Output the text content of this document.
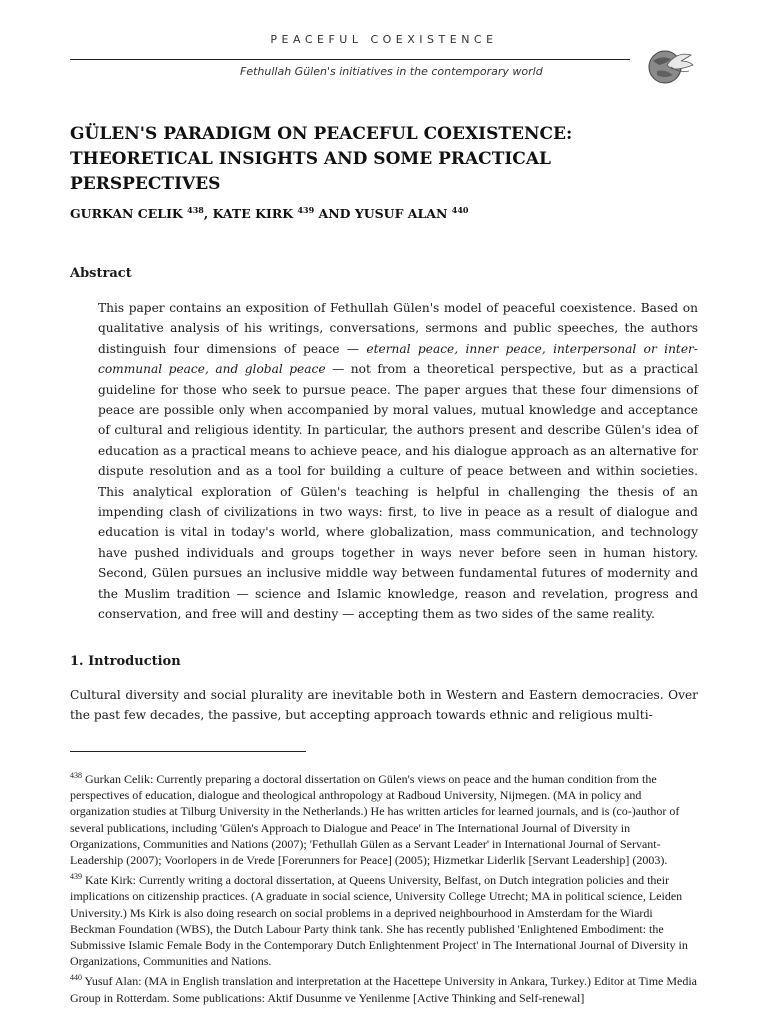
PEACEFUL COEXISTENCE
Fethullah Gülen's initiatives in the contemporary world
GÜLEN'S PARADIGM ON PEACEFUL COEXISTENCE: THEORETICAL INSIGHTS AND SOME PRACTICAL PERSPECTIVES
GURKAN CELIK $^{438}$, KATE KIRK $^{439}$ AND YUSUF ALAN $^{440}$
Abstract

This paper contains an exposition of Fethullah Gülen's model of peaceful coexistence. Based on qualitative analysis of his writings, conversations, sermons and public speeches, the authors distinguish four dimensions of peace — eternal peace, inner peace, interpersonal or inter-communal peace, and global peace — not from a theoretical perspective, but as a practical guideline for those who seek to pursue peace. The paper argues that these four dimensions of peace are possible only when accompanied by moral values, mutual knowledge and acceptance of cultural and religious identity. In particular, the authors present and describe Gülen's idea of education as a practical means to achieve peace, and his dialogue approach as an alternative for dispute resolution and as a tool for building a culture of peace between and within societies. This analytical exploration of Gülen's teaching is helpful in challenging the thesis of an impending clash of civilizations in two ways: first, to live in peace as a result of dialogue and education is vital in today's world, where globalization, mass communication, and technology have pushed individuals and groups together in ways never before seen in human history. Second, Gülen pursues an inclusive middle way between fundamental futures of modernity and the Muslim tradition — science and Islamic knowledge, reason and revelation, progress and conservation, and free will and destiny — accepting them as two sides of the same reality.

1. Introduction

Cultural diversity and social plurality are inevitable both in Western and Eastern democracies. Over the past few decades, the passive, but accepting approach towards ethnic and religious multi-

$^{438}$ Gurkan Celik: Currently preparing a doctoral dissertation on Gülen's views on peace and the human condition from the perspectives of education, dialogue and theological anthropology at Radboud University, Nijmegen. (MA in policy and organization studies at Tilburg University in the Netherlands.) He has written articles for learned journals, and is (co-)author of several publications, including 'Gülen's Approach to Dialogue and Peace' in The International Journal of Diversity in Organizations, Communities and Nations (2007); 'Fethullah Gülen as a Servant Leader' in International Journal of Servant-Leadership (2007); Voorlopers in de Vrede [Forerunners for Peace] (2005); Hizmetkar Liderlik [Servant Leadership] (2003).

$^{439}$ Kate Kirk: Currently writing a doctoral dissertation, at Queens University, Belfast, on Dutch integration policies and their implications on citizenship practices. (A graduate in social science, University College Utrecht; MA in political science, Leiden University.) Ms Kirk is also doing research on social problems in a deprived neighbourhood in Amsterdam for the Wiardi Beckman Foundation (WBS), the Dutch Labour Party think tank. She has recently published 'Enlightened Embodiment: the Submissive Islamic Female Body in the Contemporary Dutch Enlightenment Project' in The International Journal of Diversity in Organizations, Communities and Nations.

$^{440}$ Yusuf Alan: (MA in English translation and interpretation at the Hacettepe University in Ankara, Turkey.) Editor at Time Media Group in Rotterdam. Some publications: Aktif Dusunme ve Yenilenme [Active Thinking and Self-renewal]
